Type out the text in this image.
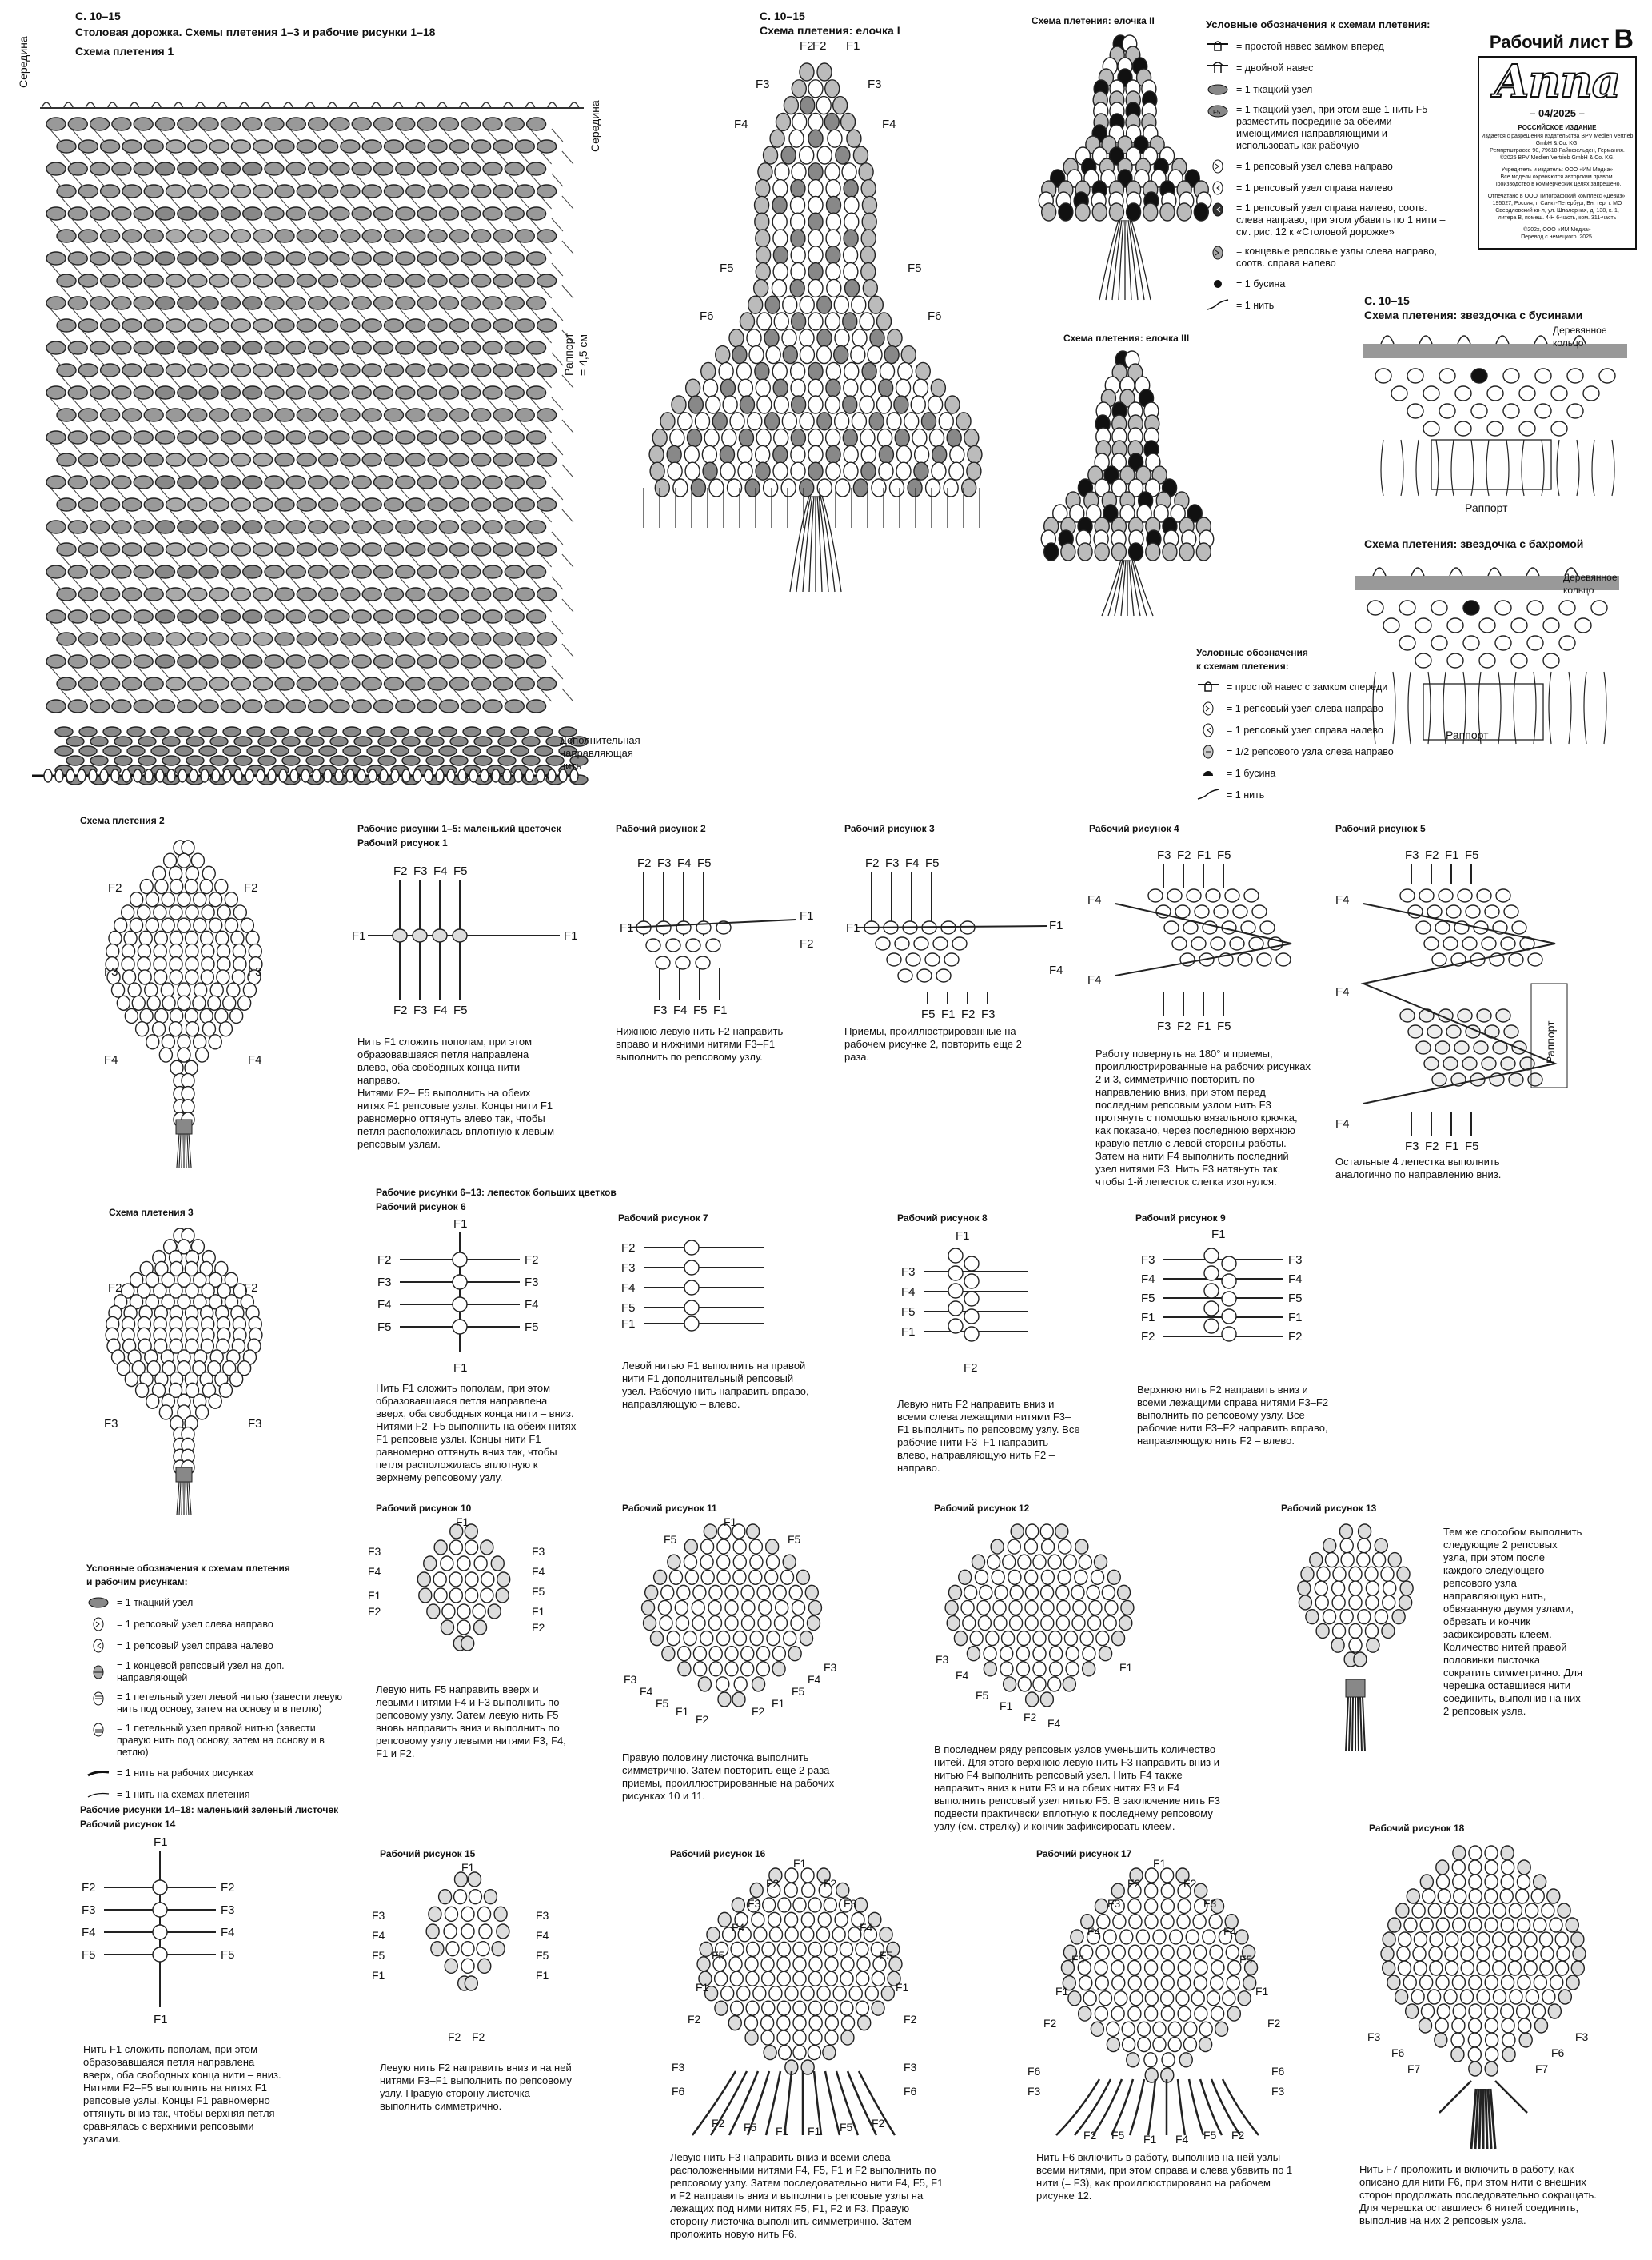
С. 10–15
Столовая дорожка. Схемы плетения 1–3 и рабочие рисунки 1–18
Схема плетения 1
Середина
Середина
Раппорт
= 4,5 см
Дополнительная
направляющая
нить
С. 10–15
Схема плетения: елочка I
F2
F2 F1
F3	F3
F4	F4
F5	F5
F6	F6
Схема плетения: елочка II
Схема плетения: елочка III
Условные обозначения к схемам плетения:
= простой навес замком вперед
= двойной навес
= 1 ткацкий узел
F5 = 1 ткацкий узел, при этом еще 1 нить F5 разместить посредине за обеими имеющимися направляющими и использовать как рабочую
= 1 репсовый узел слева направо
= 1 репсовый узел справа налево
= 1 репсовый узел справа налево, соотв. слева направо, при этом убавить по 1 нити – см. рис. 12 к «Столовой дорожке»
= концевые репсовые узлы слева направо, соотв. справа налево
= 1 бусина
= 1 нить
Рабочий лист B
Anna
– 04/2025 –
РОССИЙСКОЕ ИЗДАНИЕ
Издается с разрешения издательства BPV Medien Vertrieb GmbH & Co. KG.
Ремпртштрассе 90, 79618 Райнфельден, Германия.
©2025 BPV Medien Vertrieb GmbH & Co. KG.
Учредитель и издатель: ООО «ИМ Медиа»
Все модели охраняются авторским правом.
Производство в коммерческих целях запрещено.
Отпечатано в ООО Типографский комплекс «Девиз»,
195027, Россия, г. Санкт-Петербург, Вн. тер. г. МО
Свердловский кв-л, ул. Шпалерная, д. 138, к. 1,
литера В, помещ. 4-Н 6-часть, ком. 311-часть
©202х, ООО «ИМ Медиа»
Перевод с немецкого. 2025.
С. 10–15
Схема плетения: звездочка с бусинами
Деревянное
кольцо
Раппорт
Схема плетения: звездочка с бахромой
Деревянное
кольцо
Раппорт
Условные обозначения
к схемам плетения:
= простой навес с замком спереди
= 1 репсовый узел слева направо
= 1 репсовый узел справа налево
= 1/2 репсового узла слева направо
= 1 бусина
= 1 нить
Схема плетения 2
F2	F2
F3	F3
F4	F4
Схема плетения 3
F2	F2
F3	F3
Условные обозначения к схемам плетения
и рабочим рисункам:
= 1 ткацкий узел
= 1 репсовый узел слева направо
= 1 репсовый узел справа налево
= 1 концевой репсовый узел на доп. направляющей
= 1 петельный узел левой нитью (завести левую нить под основу, затем на основу и в петлю)
= 1 петельный узел правой нитью (завести правую нить под основу, затем на основу и в петлю)
= 1 нить на рабочих рисунках
= 1 нить на схемах плетения
Рабочие рисунки 1–5: маленький цветочек
Рабочий рисунок 1
F2
F2
F3
F3
F4
F4
F5
F5
F1	F1
Нить F1 сложить пополам, при этом образовавшаяся петля направлена влево, оба свободных конца нити – направо.
Нитями F2– F5 выполнить на обеих нитях F1 репсовые узлы. Концы нити F1 равномерно оттянуть влево так, чтобы петля расположилась вплотную к левым репсовым узлам.
Рабочий рисунок 2
F2 F3 F4 F5
F1
F1
F2
F3 F4 F5 F1
Нижнюю левую нить F2 направить вправо и нижними нитями F3–F1 выполнить по репсовому узлу.
Рабочий рисунок 3
F2 F3 F4 F5
F1	F1
F4
F5 F1 F2 F3
Приемы, проиллюстрированные на рабочем рисунке 2, повторить еще 2 раза.
Рабочий рисунок 4
F3 F2 F1 F5
F4
F4
F3 F2 F1 F5
Работу повернуть на 180° и приемы, проиллюстрированные на рабочих рисунках 2 и 3, симметрично повторить по направлению вниз, при этом перед последним репсовым узлом нить F3 протянуть с помощью вязального крючка, как показано, через последнюю верхнюю кравую петлю с левой стороны работы. Затем на нити F4 выполнить последний узел нитями F3. Нить F3 натянуть так, чтобы 1-й лепесток слегка изогнулся.
Рабочий рисунок 5
F3 F2 F1 F5
F4
F4
F4
F3 F2 F1 F5
Раппорт
Остальные 4 лепестка выполнить аналогично по направлению вниз.
Рабочие рисунки 6–13: лепесток больших цветков
Рабочий рисунок 6
F2
F3
F4
F5
F2
F3
F4
F5
F1
F1
Нить F1 сложить пополам, при этом образовавшаяся петля направлена вверх, оба свободных конца нити – вниз.
Нитями F2–F5 выполнить на обеих нитях F1 репсовые узлы. Концы нити F1 равномерно оттянуть вниз так, чтобы петля расположилась вплотную к верхнему репсовому узлу.
Рабочий рисунок 7
F2
F3
F4
F5
F1
Левой нитью F1 выполнить на правой нити F1 дополнительный репсовый узел. Рабочую нить направить вправо, направляющую – влево.
Рабочий рисунок 8
F3
F4
F5
F1
F1
F2
Левую нить F2 направить вниз и всеми слева лежащими нитями F3–F1 выполнить по репсовому узлу. Все рабочие нити F3–F1 направить влево, направляющую нить F2 – направо.
Рабочий рисунок 9
F3
F4
F5
F1
F2
F3
F4
F5
F1
F2
F1
Верхнюю нить F2 направить вниз и всеми лежащими справа нитями F3–F2 выполнить по репсовому узлу. Все рабочие нити F3–F2 направить вправо, направляющую нить F2 – влево.
Рабочий рисунок 10
F1
F3
F4
F1
F2
F3
F4
F5
F1
F2
Левую нить F5 направить вверх и левыми нитями F4 и F3 выполнить по репсовому узлу. Затем левую нить F5 вновь направить вниз и выполнить по репсовому узлу левыми нитями F3, F4, F1 и F2.
Рабочий рисунок 11
F1
F5	F5
F3
F4
F5
F1
F2
F3
F4
F5
F1
F2
Правую половину листочка выполнить симметрично. Затем повторить еще 2 раза приемы, проиллюстрированные на рабочих рисунках 10 и 11.
Рабочий рисунок 12
F3
F4
F5
F1
F2 F4
F1
В последнем ряду репсовых узлов уменьшить количество нитей. Для этого верхнюю левую нить F3 направить вниз и нитью F4 выполнить репсовый узел. Нить F4 также направить вниз к нити F3 и на обеих нитях F3 и F4 выполнить репсовый узел нитью F5. В заключение нить F3 подвести практически вплотную к последнему репсовому узлу (см. стрелку) и кончик зафиксировать клеем.
Рабочий рисунок 13
Тем же способом выполнить следующие 2 репсовых узла, при этом после каждого следующего репсового узла направляющую нить, обвязанную двумя узлами, обрезать и кончик зафиксировать клеем. Количество нитей правой половинки листочка сократить симметрично. Для черешка оставшиеся нити соединить, выполнив на них 2 репсовых узла.
Рабочие рисунки 14–18: маленький зеленый листочек
Рабочий рисунок 14
F2
F3
F4
F5
F2
F3
F4
F5
F1
F1
Нить F1 сложить пополам, при этом образовавшаяся петля направлена вверх, оба свободных конца нити – вниз.
Нитями F2–F5 выполнить на нитях F1 репсовые узлы. Концы F1 равномерно оттянуть вниз так, чтобы верхняя петля сравнялась с верхними репсовыми узлами.
Рабочий рисунок 15
F1
F3
F4
F5
F1
F3
F4
F5
F1
F2 F2
Левую нить F2 направить вниз и на ней нитями F3–F1 выполнить по репсовому узлу. Правую сторону листочка выполнить симметрично.
Рабочий рисунок 16
F1
F2	F2
F3	F3
F4	F4
F5	F5
F1	F1
F2	F2
F3	F3
F6	F6
F2 F5 F1 F1 F5 F2
Левую нить F3 направить вниз и всеми слева расположенными нитями F4, F5, F1 и F2 выполнить по репсовому узлу. Затем последовательно нити F4, F5, F1 и F2 направить вниз и выполнить репсовые узлы на лежащих под ними нитях F5, F1, F2 и F3. Правую сторону листочка выполнить симметрично. Затем проложить новую нить F6.
Рабочий рисунок 17
F1
F2	F2
F3	F3
F4	F4
F5	F5
F1	F1
F2	F2
F6	F6
F3	F3
F2 F5 F1 F4 F5 F2
Нить F6 включить в работу, выполнив на ней узлы всеми нитями, при этом справа и слева убавить по 1 нити (= F3), как проиллюстрировано на рабочем рисунке 12.
Рабочий рисунок 18
F3
F6
F7	F7
F6
F3
Нить F7 проложить и включить в работу, как описано для нити F6, при этом нити с внешних сторон продолжать последовательно сокращать. Для черешка оставшиеся 6 нитей соединить, выполнив на них 2 репсовых узла.
